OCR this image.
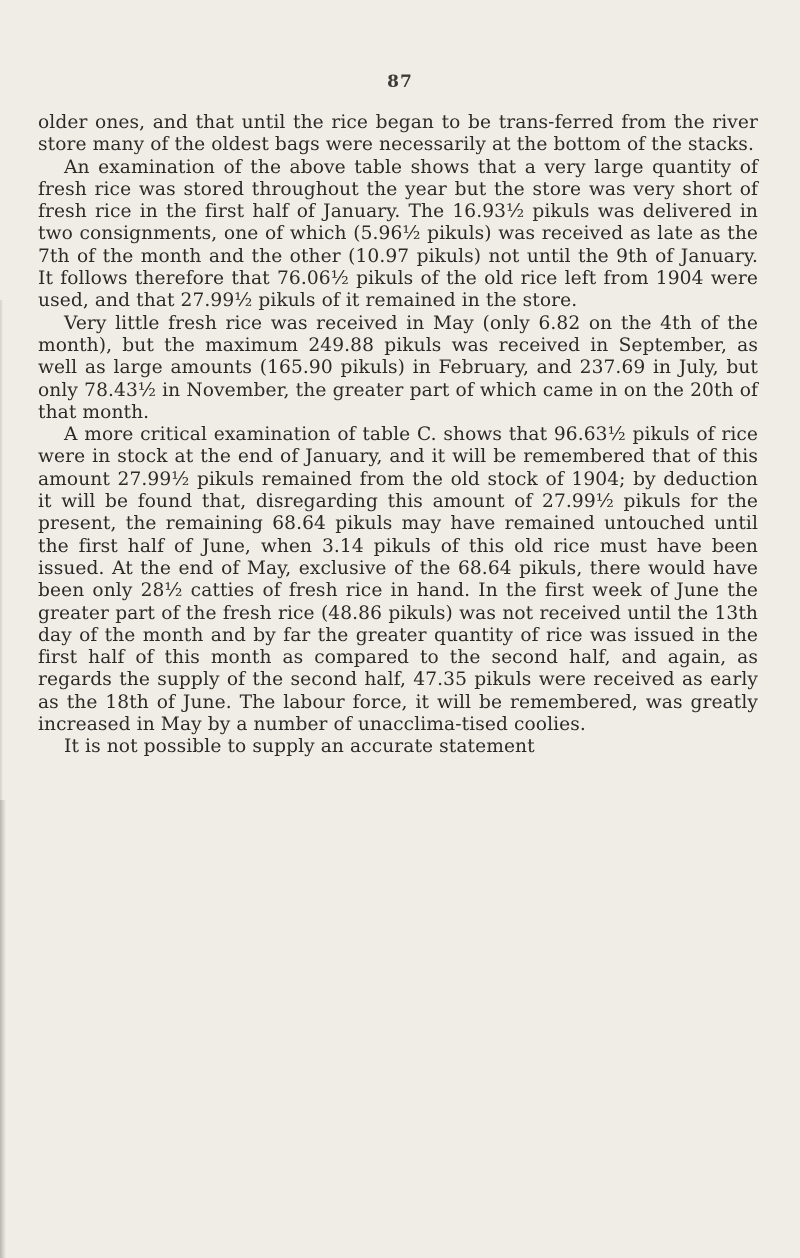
87

older ones, and that until the rice began to be trans-ferred from the river store many of the oldest bags were necessarily at the bottom of the stacks.

An examination of the above table shows that a very large quantity of fresh rice was stored throughout the year but the store was very short of fresh rice in the first half of January. The 16.93½ pikuls was delivered in two consignments, one of which (5.96½ pikuls) was received as late as the 7th of the month and the other (10.97 pikuls) not until the 9th of January. It follows therefore that 76.06½ pikuls of the old rice left from 1904 were used, and that 27.99½ pikuls of it remained in the store.

Very little fresh rice was received in May (only 6.82 on the 4th of the month), but the maximum 249.88 pikuls was received in September, as well as large amounts (165.90 pikuls) in February, and 237.69 in July, but only 78.43½ in November, the greater part of which came in on the 20th of that month.

A more critical examination of table C. shows that 96.63½ pikuls of rice were in stock at the end of January, and it will be remembered that of this amount 27.99½ pikuls remained from the old stock of 1904; by deduction it will be found that, disregarding this amount of 27.99½ pikuls for the present, the remaining 68.64 pikuls may have remained untouched until the first half of June, when 3.14 pikuls of this old rice must have been issued. At the end of May, exclusive of the 68.64 pikuls, there would have been only 28½ catties of fresh rice in hand. In the first week of June the greater part of the fresh rice (48.86 pikuls) was not received until the 13th day of the month and by far the greater quantity of rice was issued in the first half of this month as compared to the second half, and again, as regards the supply of the second half, 47.35 pikuls were received as early as the 18th of June. The labour force, it will be remembered, was greatly increased in May by a number of unacclima-tised coolies.

It is not possible to supply an accurate statement
